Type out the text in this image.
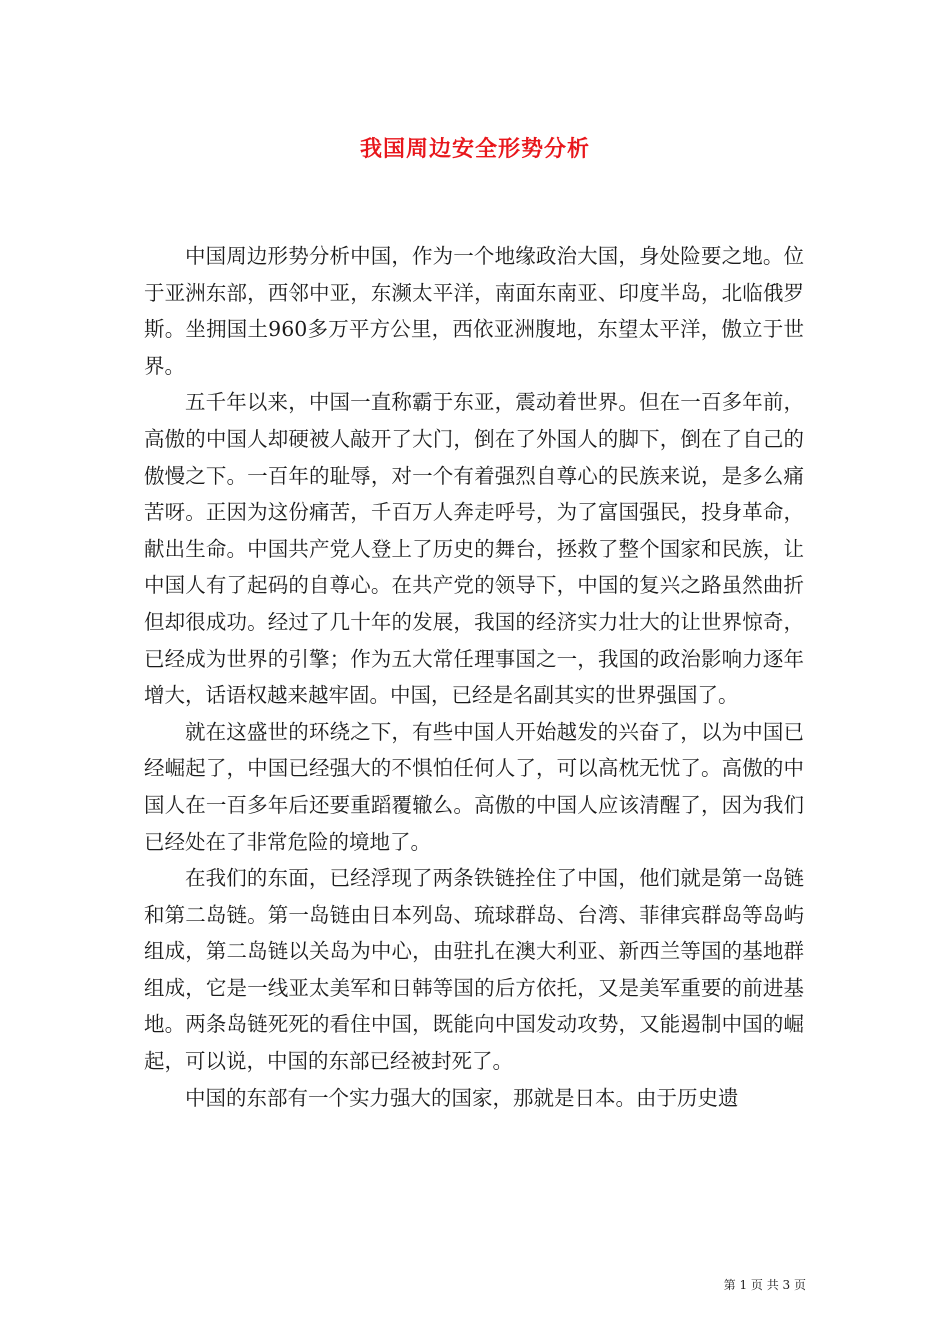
我国周边安全形势分析

中国周边形势分析中国，作为一个地缘政治大国，身处险要之地。位于亚洲东部，西邻中亚，东濒太平洋，南面东南亚、印度半岛，北临俄罗斯。坐拥国土960多万平方公里，西依亚洲腹地，东望太平洋，傲立于世界。

五千年以来，中国一直称霸于东亚，震动着世界。但在一百多年前，高傲的中国人却硬被人敲开了大门，倒在了外国人的脚下，倒在了自己的傲慢之下。一百年的耻辱，对一个有着强烈自尊心的民族来说，是多么痛苦呀。正因为这份痛苦，千百万人奔走呼号，为了富国强民，投身革命，献出生命。中国共产党人登上了历史的舞台，拯救了整个国家和民族，让中国人有了起码的自尊心。在共产党的领导下，中国的复兴之路虽然曲折但却很成功。经过了几十年的发展，我国的经济实力壮大的让世界惊奇，已经成为世界的引擎；作为五大常任理事国之一，我国的政治影响力逐年增大，话语权越来越牢固。中国，已经是名副其实的世界强国了。

就在这盛世的环绕之下，有些中国人开始越发的兴奋了，以为中国已经崛起了，中国已经强大的不惧怕任何人了，可以高枕无忧了。高傲的中国人在一百多年后还要重蹈覆辙么。高傲的中国人应该清醒了，因为我们已经处在了非常危险的境地了。

在我们的东面，已经浮现了两条铁链拴住了中国，他们就是第一岛链和第二岛链。第一岛链由日本列岛、琉球群岛、台湾、菲律宾群岛等岛屿组成，第二岛链以关岛为中心，由驻扎在澳大利亚、新西兰等国的基地群组成，它是一线亚太美军和日韩等国的后方依托，又是美军重要的前进基地。两条岛链死死的看住中国，既能向中国发动攻势，又能遏制中国的崛起，可以说，中国的东部已经被封死了。

中国的东部有一个实力强大的国家，那就是日本。由于历史遗

第 1 页 共 3 页
